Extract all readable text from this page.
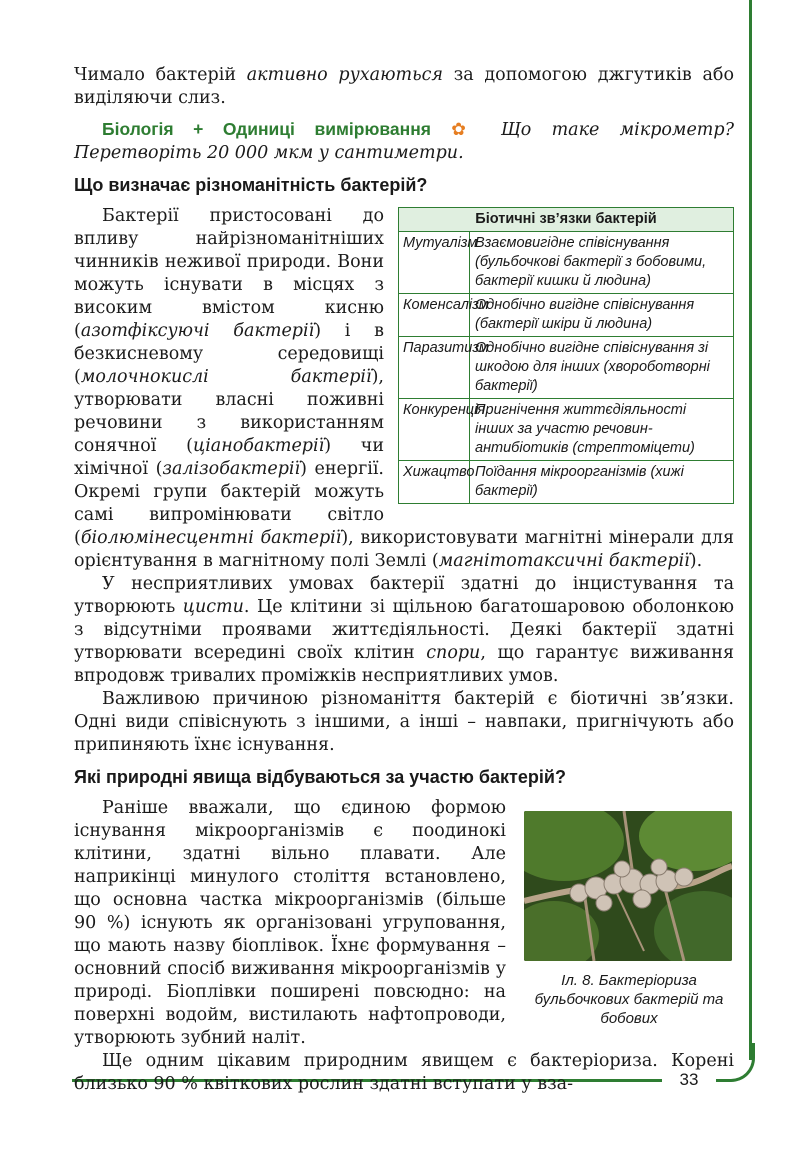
33

Чимало бактерій активно рухаються за допомогою джгутиків або виділяючи слиз.

Біологія + Одиниці вимірювання ✿ Що таке мікрометр? Перетворіть 20 000 мкм у сантиметри.

Що визначає різноманітність бактерій?
Біотичні зв’язки бактерій
Мутуалізм
Взаємовигідне співіснування (бульбочкові бактерії з бобовими, бактерії кишки й людина)
Коменсалізм
Однобічно вигідне співіснування (бактерії шкіри й людина)
Паразитизм
Однобічно вигідне співіснування зі шкодою для інших (хвороботворні бактерії)
Конкуренція
Пригнічення життєдіяльності інших за участю речовин-антибіотиків (стрептоміцети)
Хижацтво Поїдання мікроорганізмів (хижі бактерії)

Бактерії пристосовані до впливу найрізноманітніших чинників неживої природи. Вони можуть існувати в місцях з високим вмістом кисню (азотфіксуючі бактерії) і в безкисневому середовищі (молочнокислі бактерії), утворювати власні поживні речовини з використанням сонячної (ціанобактерії) чи хімічної (залізобактерії) енергії. Окремі групи бактерій можуть самі випромінювати світло (біолюмінесцентні бактерії), використовувати магнітні мінерали для орієнтування в магнітному полі Землі (магнітотаксичні бактерії).

У несприятливих умовах бактерії здатні до інцистування та утворюють цисти. Це клітини зі щільною багатошаровою оболонкою з відсутніми проявами життєдіяльності. Деякі бактерії здатні утворювати всередині своїх клітин спори, що гарантує виживання впродовж тривалих проміжків несприятливих умов.

Важливою причиною різноманіття бактерій є біотичні зв’язки. Одні види співіснують з іншими, а інші – навпаки, пригнічують або припиняють їхнє існування.

Які природні явища відбуваються за участю бактерій?
Іл. 8. Бактеріориза бульбочкових бактерій та бобових

Раніше вважали, що єдиною формою існування мікроорганізмів є поодинокі клітини, здатні вільно плавати. Але наприкінці минулого століття встановлено, що основна частка мікроорганізмів (більше 90 %) існують як організовані угруповання, що мають назву біоплівок. Їхнє формування – основний спосіб виживання мікроорганізмів у природі. Біоплівки поширені повсюдно: на поверхні водойм, вистилають нафтопроводи, утворюють зубний наліт.

Ще одним цікавим природним явищем є бактеріориза. Корені близько 90 % квіткових рослин здатні вступати у вза-
